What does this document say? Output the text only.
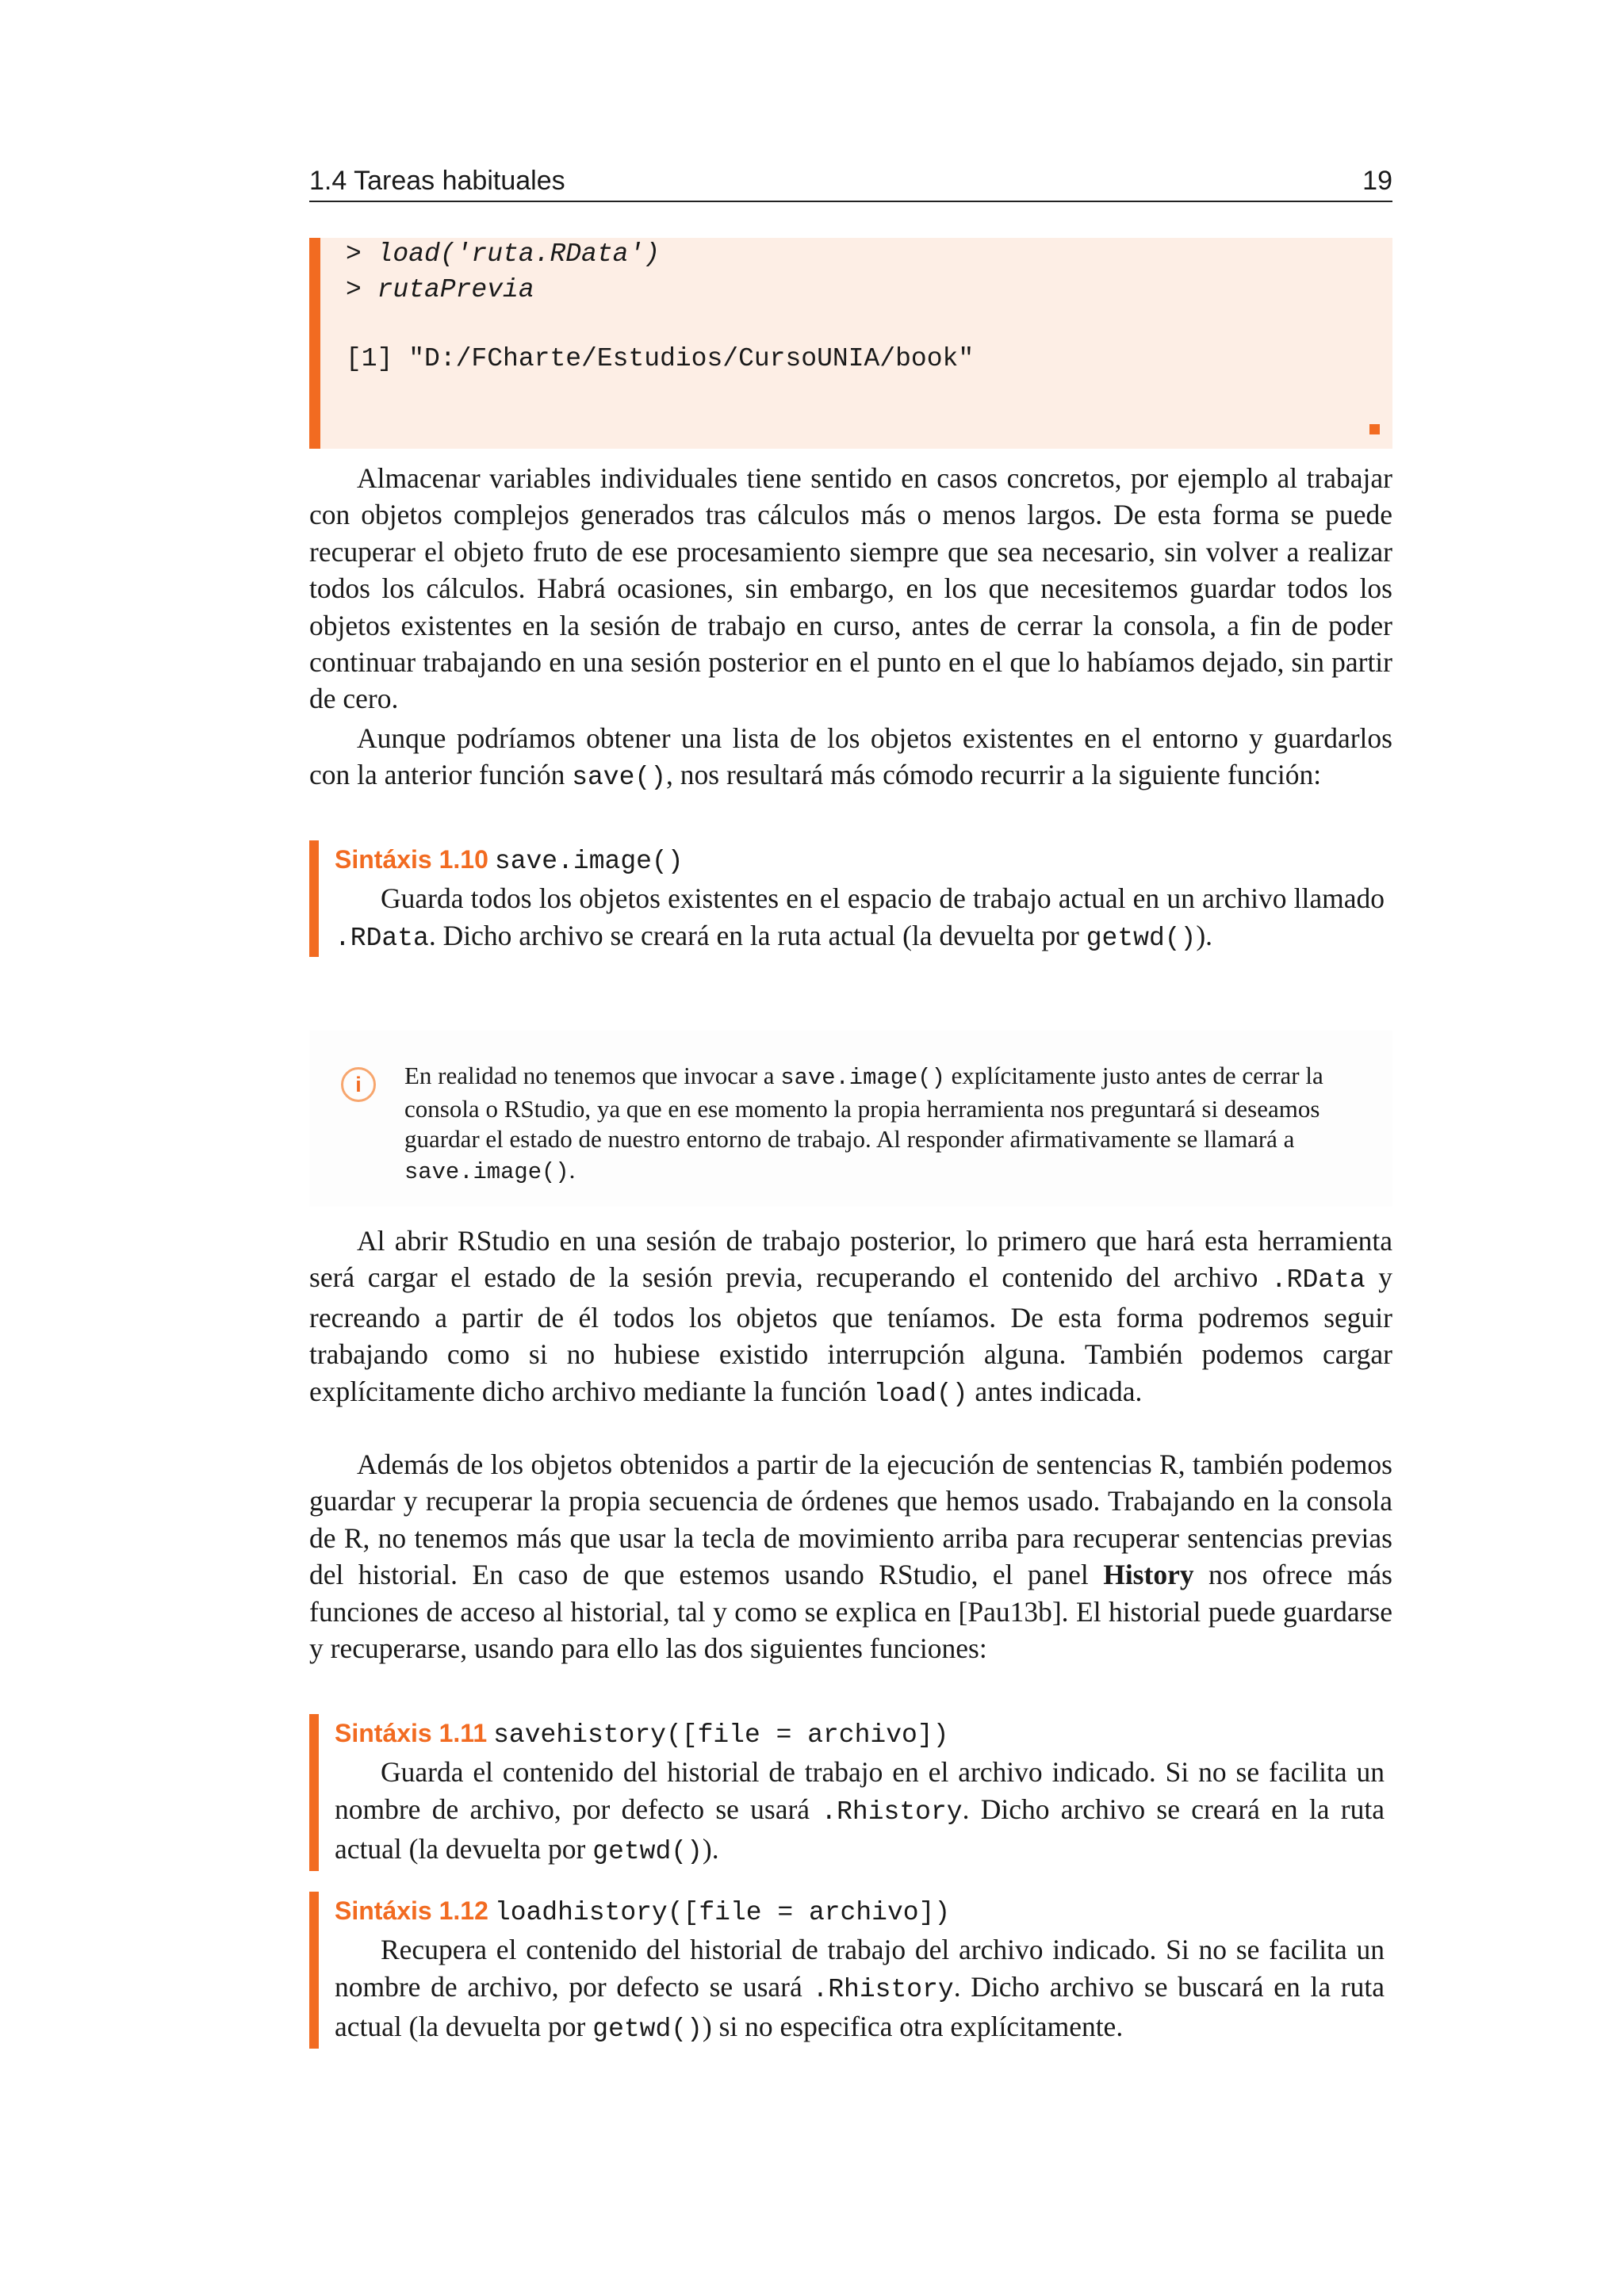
1.4 Tareas habituales	19
> load('ruta.RData')
> rutaPrevia
[1] "D:/FCharte/Estudios/CursoUNIA/book"

Almacenar variables individuales tiene sentido en casos concretos, por ejemplo al trabajar con objetos complejos generados tras cálculos más o menos largos. De esta forma se puede recuperar el objeto fruto de ese procesamiento siempre que sea necesario, sin volver a realizar todos los cálculos. Habrá ocasiones, sin embargo, en los que necesitemos guardar todos los objetos existentes en la sesión de trabajo en curso, antes de cerrar la consola, a fin de poder continuar trabajando en una sesión posterior en el punto en el que lo habíamos dejado, sin partir de cero.

Aunque podríamos obtener una lista de los objetos existentes en el entorno y guardarlos con la anterior función save(), nos resultará más cómodo recurrir a la siguiente función:

Sintáxis 1.10 save.image()

Guarda todos los objetos existentes en el espacio de trabajo actual en un archivo llamado .RData. Dicho archivo se creará en la ruta actual (la devuelta por getwd()).

i	En realidad no tenemos que invocar a save.image() explícitamente justo antes de cerrar la consola o RStudio, ya que en ese momento la propia herramienta nos preguntará si deseamos guardar el estado de nuestro entorno de trabajo. Al responder afirmativamente se llamará a save.image().

Al abrir RStudio en una sesión de trabajo posterior, lo primero que hará esta herramienta será cargar el estado de la sesión previa, recuperando el contenido del archivo .RData y recreando a partir de él todos los objetos que teníamos. De esta forma podremos seguir trabajando como si no hubiese existido interrupción alguna. También podemos cargar explícitamente dicho archivo mediante la función load() antes indicada.

Además de los objetos obtenidos a partir de la ejecución de sentencias R, también podemos guardar y recuperar la propia secuencia de órdenes que hemos usado. Trabajando en la consola de R, no tenemos más que usar la tecla de movimiento arriba para recuperar sentencias previas del historial. En caso de que estemos usando RStudio, el panel History nos ofrece más funciones de acceso al historial, tal y como se explica en [Pau13b]. El historial puede guardarse y recuperarse, usando para ello las dos siguientes funciones:

Sintáxis 1.11 savehistory([file = archivo])

Guarda el contenido del historial de trabajo en el archivo indicado. Si no se facilita un nombre de archivo, por defecto se usará .Rhistory. Dicho archivo se creará en la ruta actual (la devuelta por getwd()).

Sintáxis 1.12 loadhistory([file = archivo])

Recupera el contenido del historial de trabajo del archivo indicado. Si no se facilita un nombre de archivo, por defecto se usará .Rhistory. Dicho archivo se buscará en la ruta actual (la devuelta por getwd()) si no especifica otra explícitamente.
